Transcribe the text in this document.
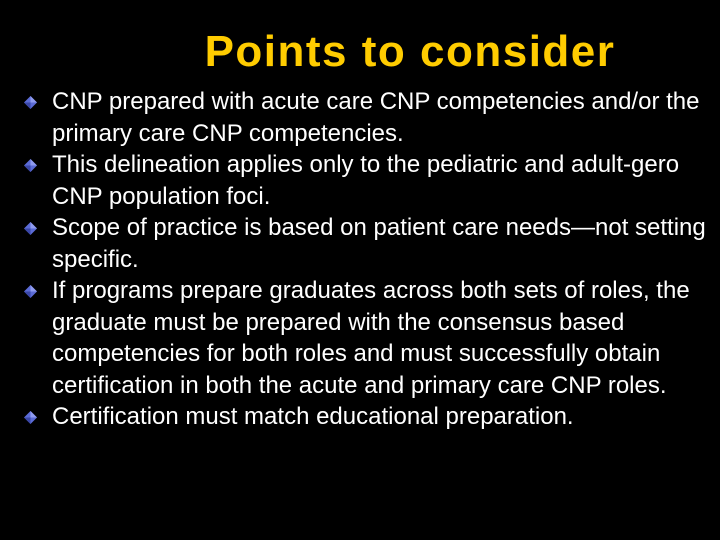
Points to consider
CNP prepared with acute care CNP competencies and/or the primary care CNP competencies.
This delineation applies only to the pediatric and adult-gero CNP population foci.
Scope of practice is based on patient care needs—not setting specific.
If programs prepare graduates across both sets of roles, the graduate must be prepared with the consensus based competencies for both roles and must successfully obtain certification in both the acute and primary care CNP roles.
Certification must match educational preparation.
